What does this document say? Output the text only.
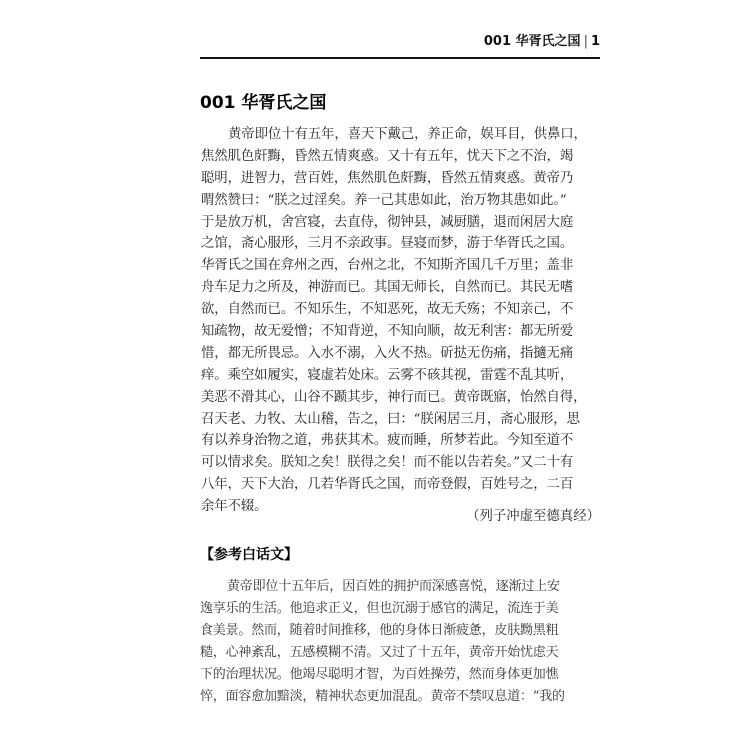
001 华胥氏之国 | 1
001 华胥氏之国
黄帝即位十有五年，喜天下戴己，养正命，娱耳目，供鼻口，
焦然肌色皯黣，昏然五情爽惑。又十有五年，忧天下之不治，竭
聪明，进智力，营百姓，焦然肌色皯黣，昏然五情爽惑。黄帝乃
喟然赞曰：“朕之过淫矣。养一己其患如此，治万物其患如此。”
于是放万机，舍宫寝，去直侍，彻钟县，减厨膳，退而闲居大庭
之馆，斋心服形，三月不亲政事。昼寝而梦，游于华胥氏之国。
华胥氏之国在弇州之西，台州之北，不知斯齐国几千万里；盖非
舟车足力之所及，神游而已。其国无师长，自然而已。其民无嗜
欲，自然而已。不知乐生，不知恶死，故无夭殇；不知亲己，不
知疏物，故无爱憎；不知背逆，不知向顺，故无利害：都无所爱
惜，都无所畏忌。入水不溺，入火不热。斫挞无伤痛，指擿无痛
痒。乘空如履实，寝虚若处床。云雾不硋其视，雷霆不乱其听，
美恶不滑其心，山谷不踬其步，神行而已。黄帝既寤，怡然自得，
召天老、力牧、太山稽，告之，曰：“朕闲居三月，斋心服形，思
有以养身治物之道，弗获其术。疲而睡，所梦若此。今知至道不
可以情求矣。朕知之矣！朕得之矣！而不能以告若矣。”又二十有
八年，天下大治，几若华胥氏之国，而帝登假，百姓号之，二百
余年不辍。
（列子冲虚至德真经）
【参考白话文】
黄帝即位十五年后，因百姓的拥护而深感喜悦，逐渐过上安
逸享乐的生活。他追求正义，但也沉溺于感官的满足，流连于美
食美景。然而，随着时间推移，他的身体日渐疲惫，皮肤黝黑粗
糙，心神紊乱，五感模糊不清。又过了十五年，黄帝开始忧虑天
下的治理状况。他竭尽聪明才智，为百姓操劳，然而身体更加憔
悴，面容愈加黯淡，精神状态更加混乱。黄帝不禁叹息道：“我的
